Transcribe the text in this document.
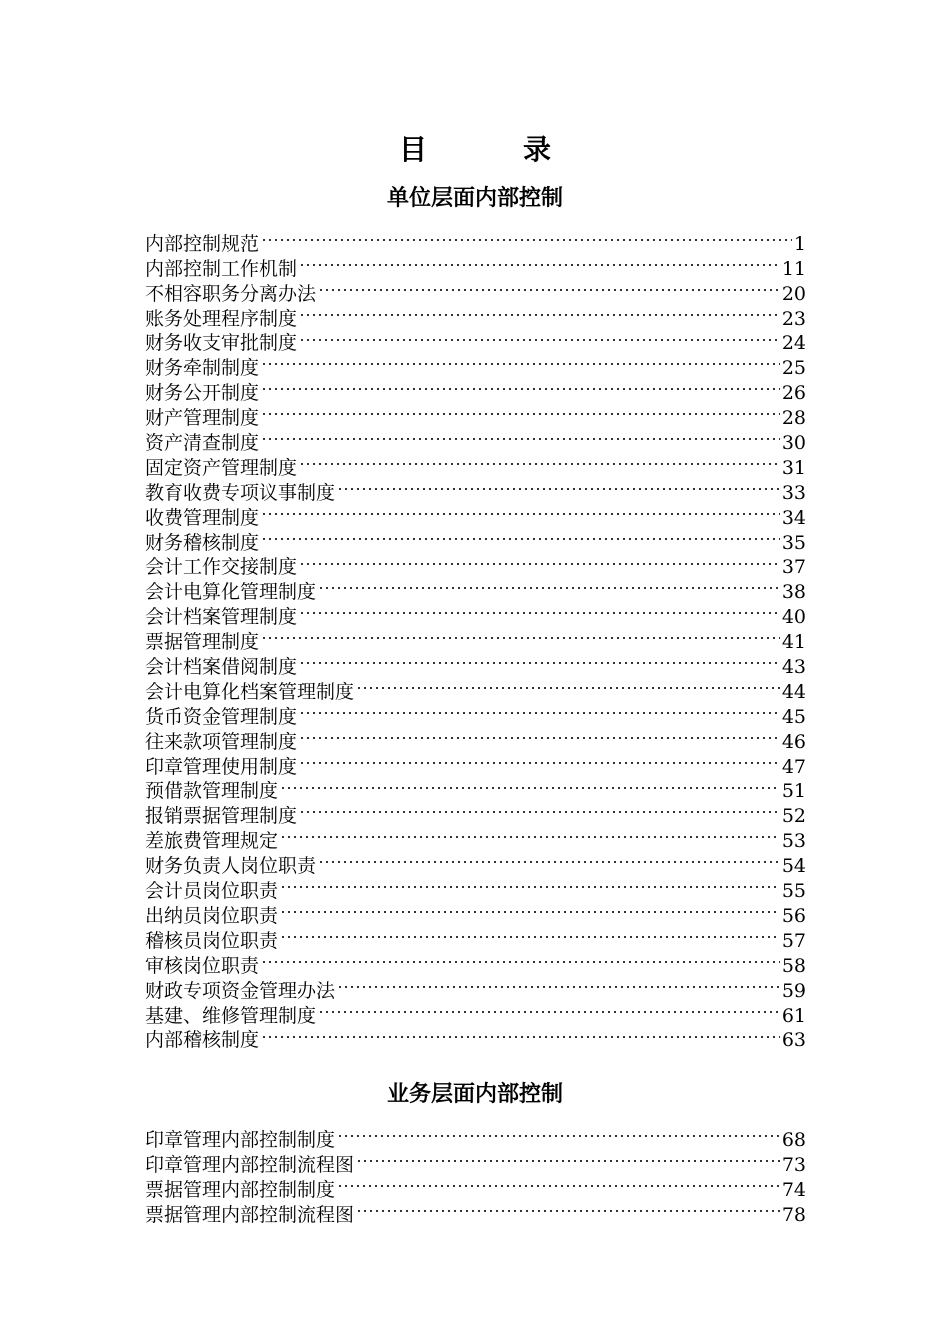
目	录
单位层面内部控制
内部控制规范	1
内部控制工作机制	11
不相容职务分离办法	20
账务处理程序制度	23
财务收支审批制度	24
财务牵制制度	25
财务公开制度	26
财产管理制度	28
资产清查制度	30
固定资产管理制度	31
教育收费专项议事制度	33
收费管理制度	34
财务稽核制度	35
会计工作交接制度	37
会计电算化管理制度	38
会计档案管理制度	40
票据管理制度	41
会计档案借阅制度	43
会计电算化档案管理制度	44
货币资金管理制度	45
往来款项管理制度	46
印章管理使用制度	47
预借款管理制度	51
报销票据管理制度	52
差旅费管理规定	53
财务负责人岗位职责	54
会计员岗位职责	55
出纳员岗位职责	56
稽核员岗位职责	57
审核岗位职责	58
财政专项资金管理办法	59
基建、维修管理制度	61
内部稽核制度	63
业务层面内部控制
印章管理内部控制制度	68
印章管理内部控制流程图	73
票据管理内部控制制度	74
票据管理内部控制流程图	78
